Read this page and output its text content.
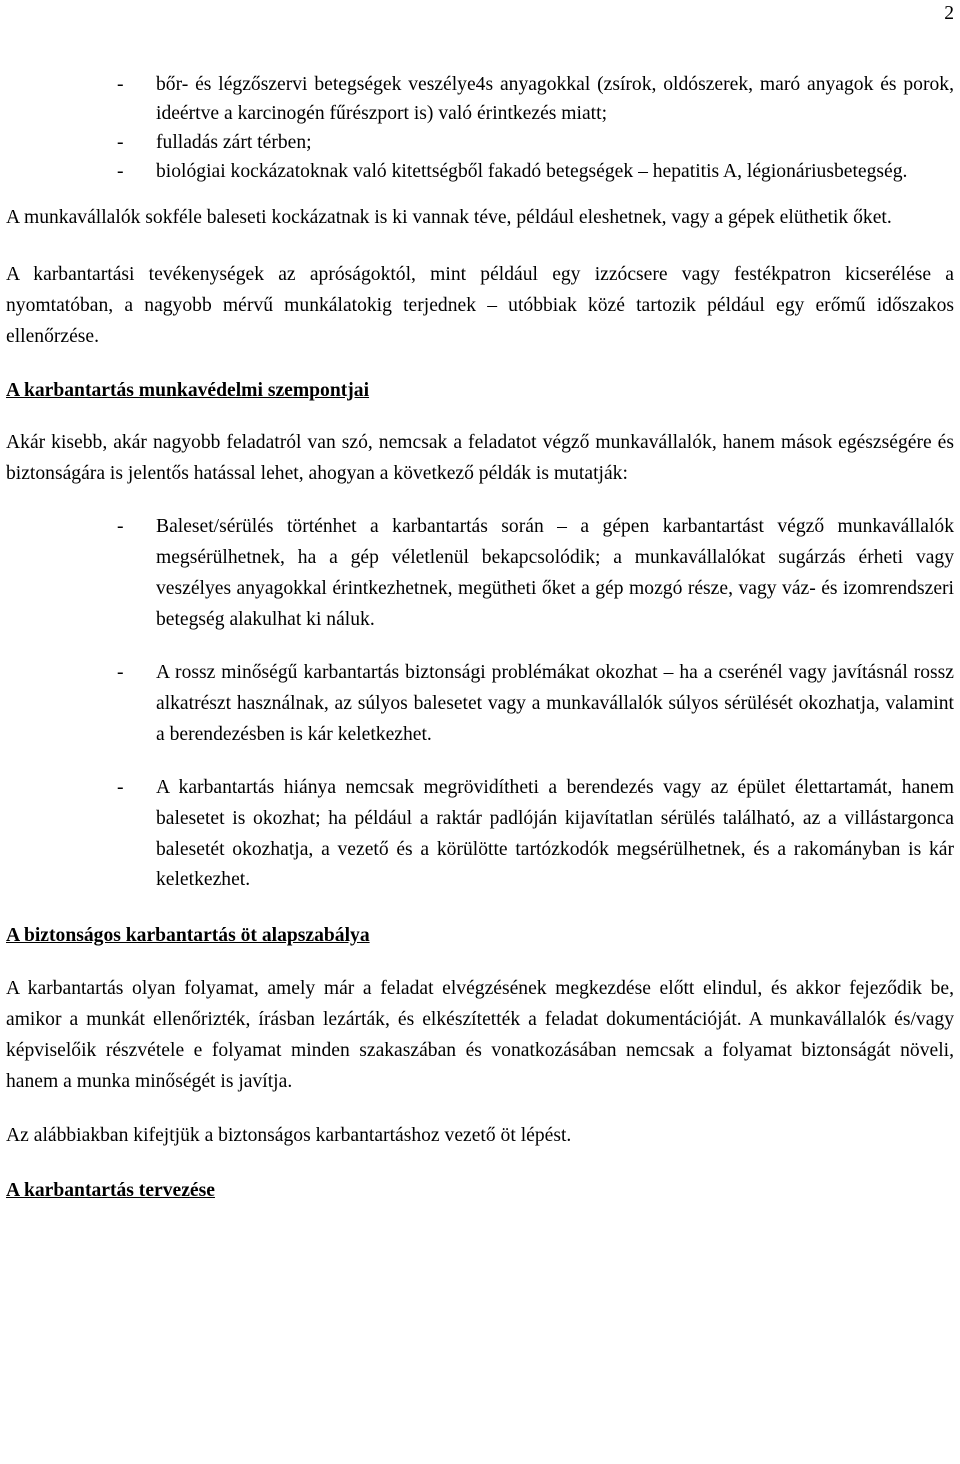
2
- bőr- és légzőszervi betegségek veszélye4s anyagokkal (zsírok, oldószerek, maró anyagok és porok, ideértve a karcinogén fűrészport is) való érintkezés miatt;
- fulladás zárt térben;
- biológiai kockázatoknak való kitettségből fakadó betegségek – hepatitis A, légionáriusbetegség.

A munkavállalók sokféle baleseti kockázatnak is ki vannak téve, például eleshetnek, vagy a gépek elüthetik őket.

A karbantartási tevékenységek az apróságoktól, mint például egy izzócsere vagy festékpatron kicserélése a nyomtatóban, a nagyobb mérvű munkálatokig terjednek – utóbbiak közé tartozik például egy erőmű időszakos ellenőrzése.

A karbantartás munkavédelmi szempontjai

Akár kisebb, akár nagyobb feladatról van szó, nemcsak a feladatot végző munkavállalók, hanem mások egészségére és biztonságára is jelentős hatással lehet, ahogyan a következő példák is mutatják:

- Baleset/sérülés történhet a karbantartás során – a gépen karbantartást végző munkavállalók megsérülhetnek, ha a gép véletlenül bekapcsolódik; a munkavállalókat sugárzás érheti vagy veszélyes anyagokkal érintkezhetnek, megütheti őket a gép mozgó része, vagy váz- és izomrendszeri betegség alakulhat ki náluk.
- A rossz minőségű karbantartás biztonsági problémákat okozhat – ha a cserénél vagy javításnál rossz alkatrészt használnak, az súlyos balesetet vagy a munkavállalók súlyos sérülését okozhatja, valamint a berendezésben is kár keletkezhet.
- A karbantartás hiánya nemcsak megrövidítheti a berendezés vagy az épület élettartamát, hanem balesetet is okozhat; ha például a raktár padlóján kijavítatlan sérülés található, az a villástargonca balesetét okozhatja, a vezető és a körülötte tartózkodók megsérülhetnek, és a rakományban is kár keletkezhet.
A biztonságos karbantartás öt alapszabálya

A karbantartás olyan folyamat, amely már a feladat elvégzésének megkezdése előtt elindul, és akkor fejeződik be, amikor a munkát ellenőrizték, írásban lezárták, és elkészítették a feladat dokumentációját. A munkavállalók és/vagy képviselőik részvétele e folyamat minden szakaszában és vonatkozásában nemcsak a folyamat biztonságát növeli, hanem a munka minőségét is javítja.

Az alábbiakban kifejtjük a biztonságos karbantartáshoz vezető öt lépést.

A karbantartás tervezése
